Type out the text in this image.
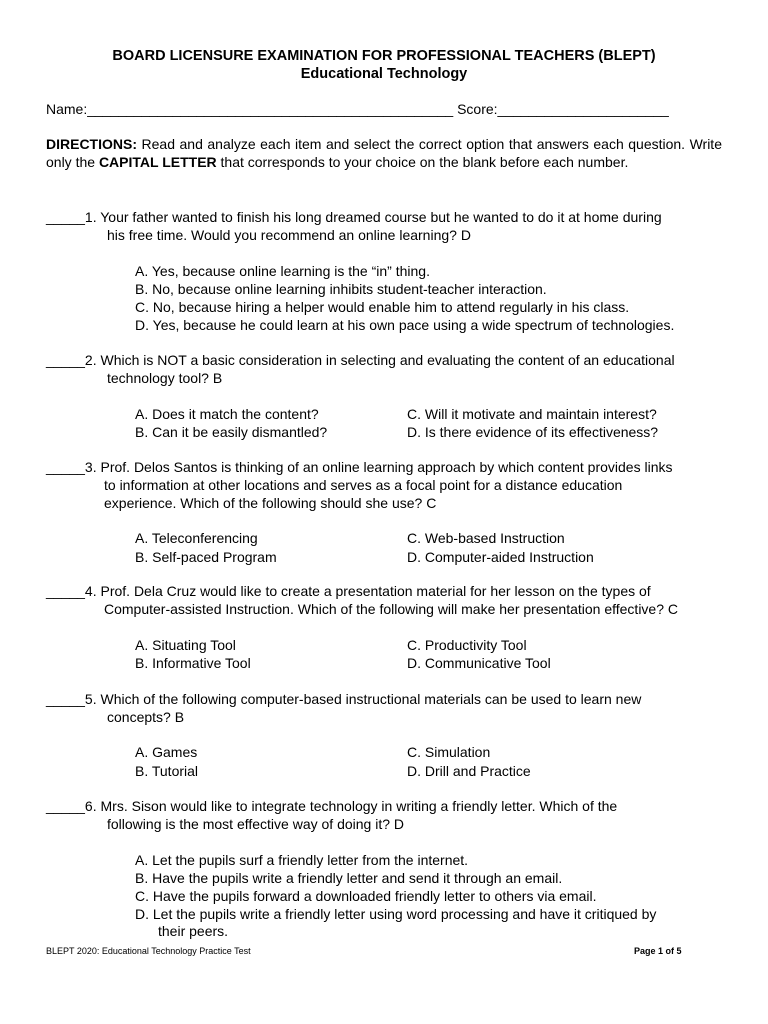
BOARD LICENSURE EXAMINATION FOR PROFESSIONAL TEACHERS (BLEPT)
Educational Technology
Name:_______________________________________________ Score:______________________
DIRECTIONS: Read and analyze each item and select the correct option that answers each question. Write only the CAPITAL LETTER that corresponds to your choice on the blank before each number.
_____1. Your father wanted to finish his long dreamed course but he wanted to do it at home during
his free time. Would you recommend an online learning? D
A. Yes, because online learning is the “in” thing.
B. No, because online learning inhibits student-teacher interaction.
C. No, because hiring a helper would enable him to attend regularly in his class.
D. Yes, because he could learn at his own pace using a wide spectrum of technologies.
_____2. Which is NOT a basic consideration in selecting and evaluating the content of an educational
technology tool? B
A. Does it match the content?	C. Will it motivate and maintain interest?
B. Can it be easily dismantled?	D. Is there evidence of its effectiveness?
_____3. Prof. Delos Santos is thinking of an online learning approach by which content provides links
to information at other locations and serves as a focal point for a distance education
experience. Which of the following should she use? C
A. Teleconferencing	C. Web-based Instruction
B. Self-paced Program	D. Computer-aided Instruction
_____4. Prof. Dela Cruz would like to create a presentation material for her lesson on the types of
Computer-assisted Instruction. Which of the following will make her presentation effective? C
A. Situating Tool	C. Productivity Tool
B. Informative Tool	D. Communicative Tool
_____5. Which of the following computer-based instructional materials can be used to learn new
concepts? B
A. Games	C. Simulation
B. Tutorial	D. Drill and Practice
_____6. Mrs. Sison would like to integrate technology in writing a friendly letter. Which of the
following is the most effective way of doing it? D
A. Let the pupils surf a friendly letter from the internet.
B. Have the pupils write a friendly letter and send it through an email.
C. Have the pupils forward a downloaded friendly letter to others via email.
D. Let the pupils write a friendly letter using word processing and have it critiqued by
their peers.
BLEPT 2020: Educational Technology Practice Test	Page 1 of 5
